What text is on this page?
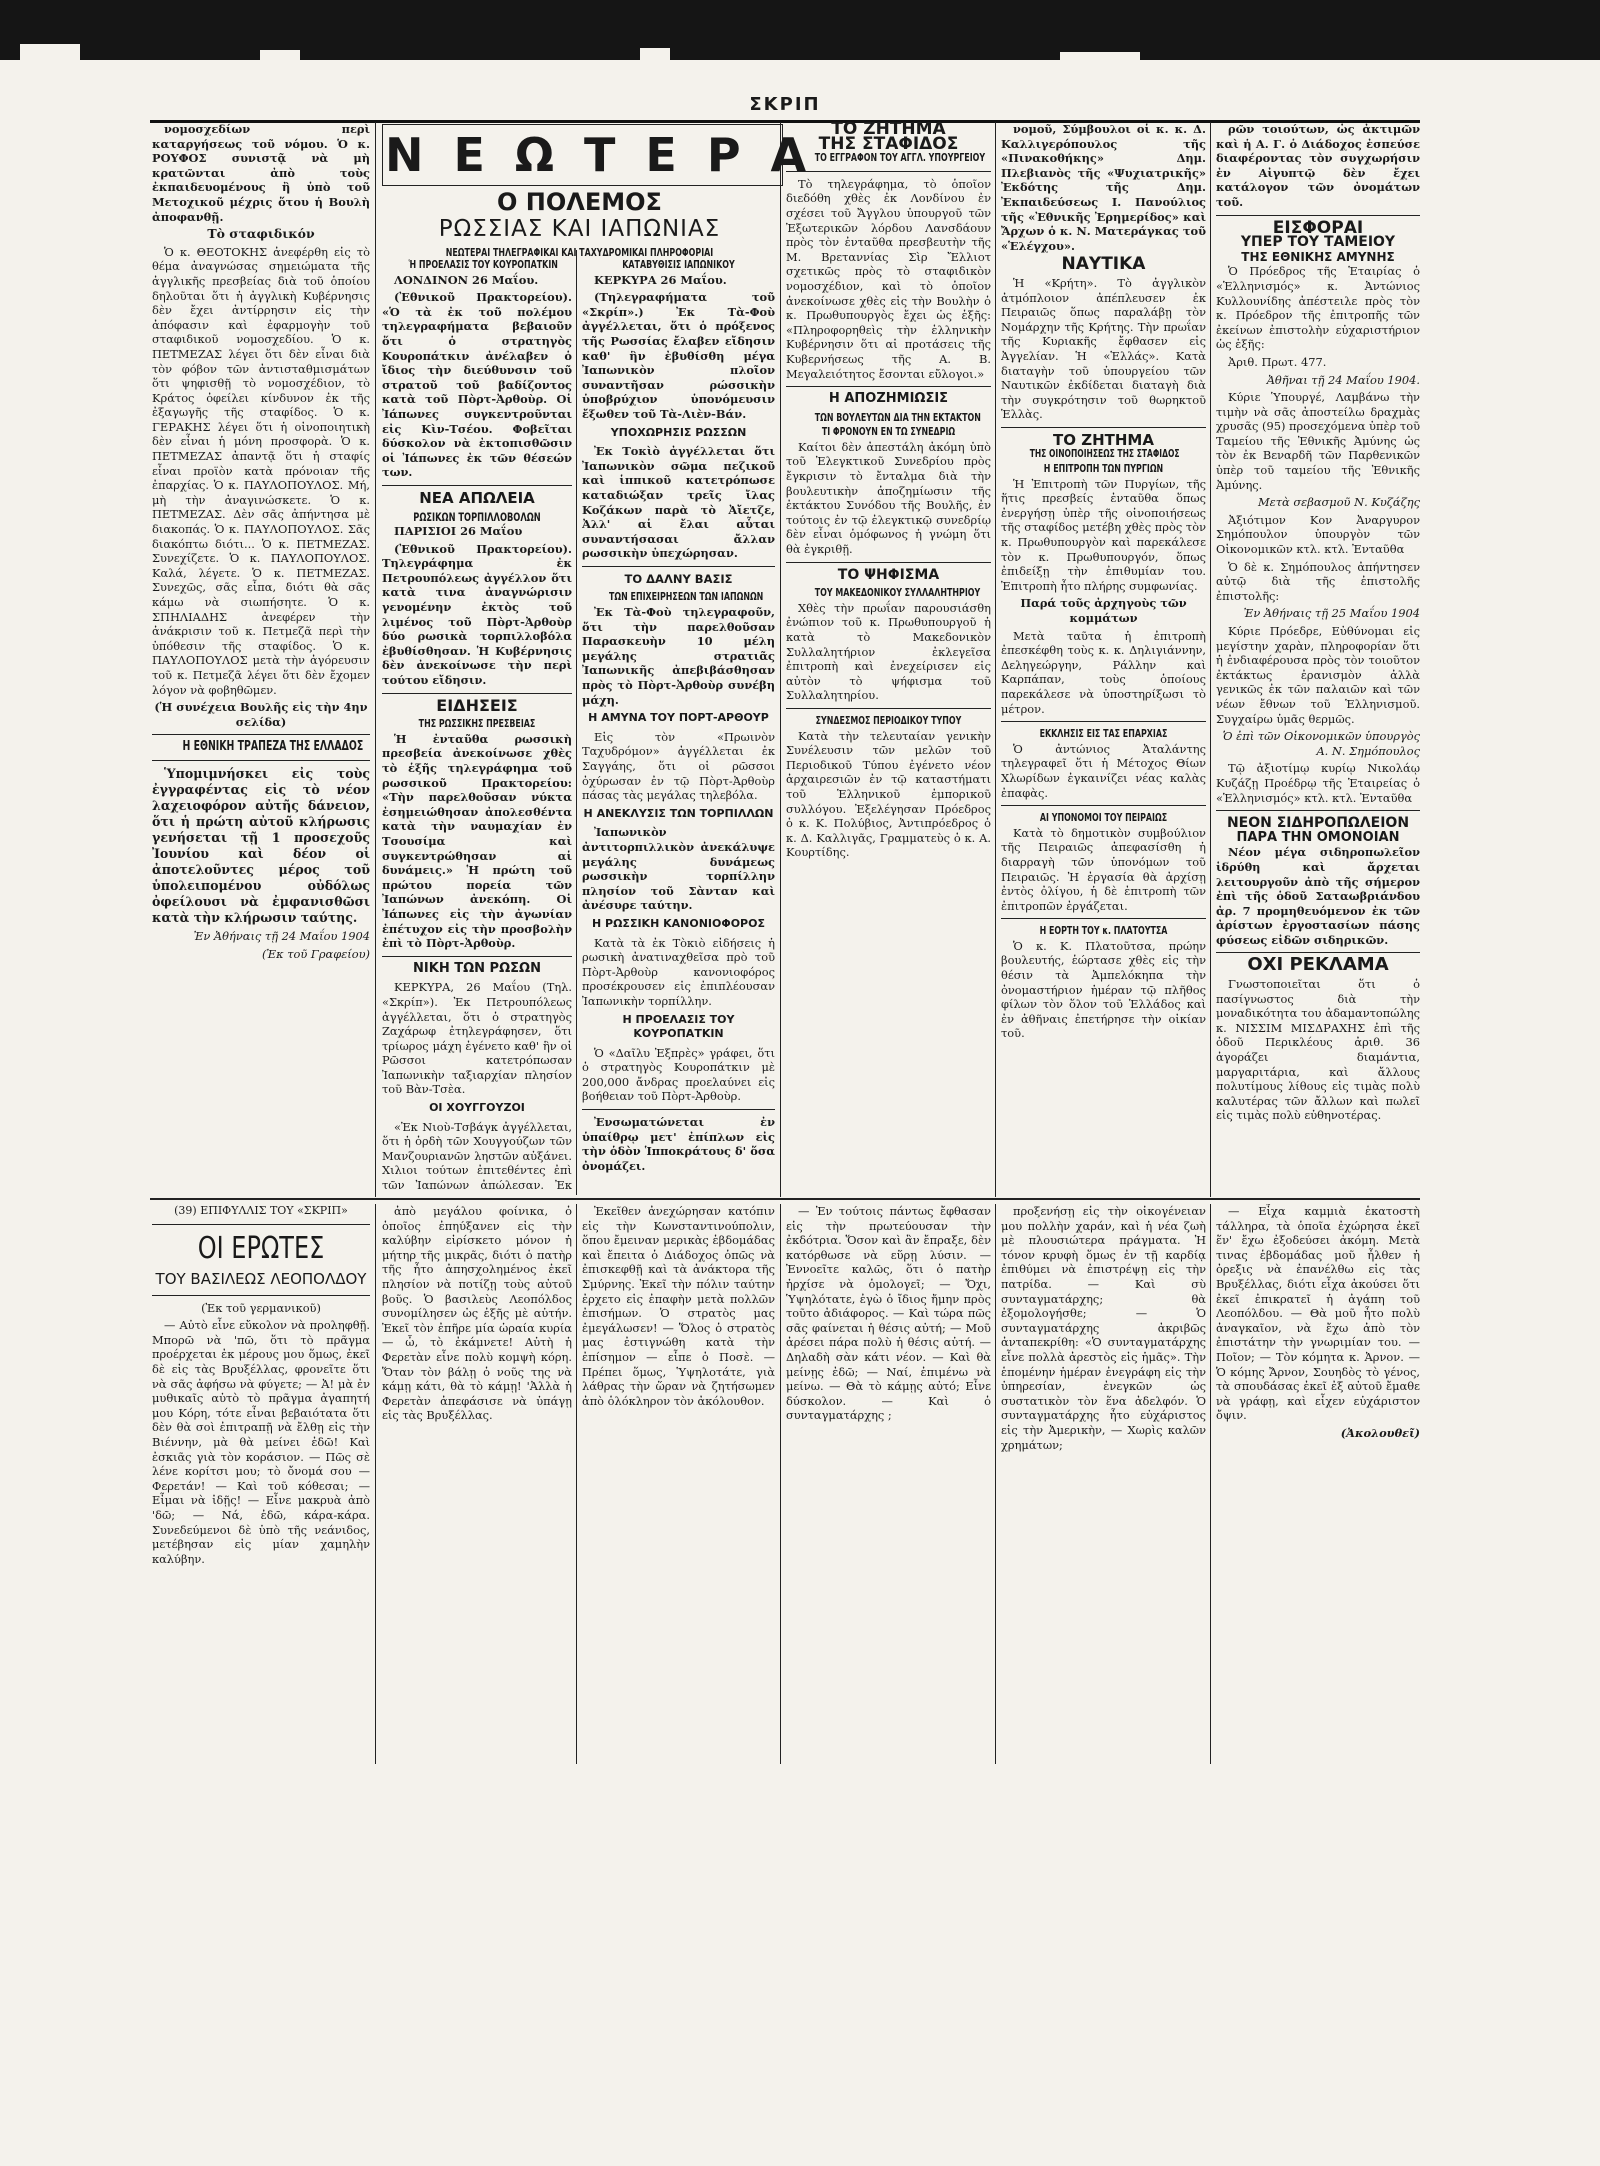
ΣΚΡΙΠ

νομοσχεδίων περὶ καταργήσεως τοῦ νόμου. Ὁ κ. ΡΟΥΦΟΣ συνιστᾷ νὰ μὴ κρατῶνται ἀπὸ τοὺς ἐκπαιδευομένους ἢ ὑπὸ τοῦ Μετοχικοῦ μέχρις ὅτου ἡ Βουλὴ ἀποφανθῇ.

Τὸ σταφιδικόν

Ὁ κ. ΘΕΟΤΟΚΗΣ ἀνεφέρθη εἰς τὸ θέμα ἀναγνώσας σημειώματα τῆς ἀγγλικῆς πρεσβείας διὰ τοῦ ὁποίου δηλοῦται ὅτι ἡ ἀγγλικὴ Κυβέρνησις δὲν ἔχει ἀντίρρησιν εἰς τὴν ἀπόφασιν καὶ ἐφαρμογὴν τοῦ σταφιδικοῦ νομοσχεδίου. Ὁ κ. ΠΕΤΜΕΖΑΣ λέγει ὅτι δὲν εἶναι διὰ τὸν φόβον τῶν ἀντισταθμισμάτων ὅτι ψηφισθῇ τὸ νομοσχέδιον, τὸ Κράτος ὀφείλει κίνδυνον ἐκ τῆς ἐξαγωγῆς τῆς σταφίδος. Ὁ κ. ΓΕΡΑΚΗΣ λέγει ὅτι ἡ οἰνοποιητικὴ δὲν εἶναι ἡ μόνη προσφορὰ. Ὁ κ. ΠΕΤΜΕΖΑΣ ἀπαντᾷ ὅτι ἡ σταφίς εἶναι προϊὸν κατὰ πρόνοιαν τῆς ἐπαρχίας. Ὁ κ. ΠΑΥΛΟΠΟΥΛΟΣ. Μή, μὴ τὴν ἀναγινώσκετε. Ὁ κ. ΠΕΤΜΕΖΑΣ. Δὲν σᾶς ἀπήντησα μὲ διακοπάς. Ὁ κ. ΠΑΥΛΟΠΟΥΛΟΣ. Σᾶς διακόπτω διότι... Ὁ κ. ΠΕΤΜΕΖΑΣ. Συνεχίζετε. Ὁ κ. ΠΑΥΛΟΠΟΥΛΟΣ. Καλά, λέγετε. Ὁ κ. ΠΕΤΜΕΖΑΣ. Συνεχῶς, σᾶς εἶπα, διότι θὰ σᾶς κάμω νὰ σιωπήσητε. Ὁ κ. ΣΠΗΛΙΑΔΗΣ ἀνεφέρεν τὴν ἀνάκρισιν τοῦ κ. Πετμεζᾶ περὶ τὴν ὑπόθεσιν τῆς σταφίδος. Ὁ κ. ΠΑΥΛΟΠΟΥΛΟΣ μετὰ τὴν ἀγόρευσιν τοῦ κ. Πετμεζᾶ λέγει ὅτι δὲν ἔχομεν λόγον νὰ φοβηθῶμεν.

(Ἡ συνέχεια Βουλῆς εἰς τὴν 4ην σελίδα)

Η ΕΘΝΙΚΗ ΤΡΑΠΕΖΑ ΤΗΣ ΕΛΛΑΔΟΣ

Ὑπομιμνήσκει εἰς τοὺς ἐγγραφέντας εἰς τὸ νέον λαχειοφόρον αὐτῆς δάνειον, ὅτι ἡ πρώτη αὐτοῦ κλήρωσις γενήσεται τῇ 1 προσεχοῦς Ἰουνίου καὶ δέον οἱ ἀποτελοῦντες μέρος τοῦ ὑπολειπομένου οὐδόλως ὀφείλουσι νὰ ἐμφανισθῶσι κατὰ τὴν κλήρωσιν ταύτης.

Ἐν Ἀθήναις τῇ 24 Μαΐου 1904

(Ἐκ τοῦ Γραφείου)

ΝΕΩΤΕΡΑ
Ο ΠΟΛΕΜΟΣ
ΡΩΣΣΙΑΣ ΚΑΙ ΙΑΠΩΝΙΑΣ
ΝΕΩΤΕΡΑΙ ΤΗΛΕΓΡΑΦΙΚΑΙ ΚΑΙ ΤΑΧΥΔΡΟΜΙΚΑΙ ΠΛΗΡΟΦΟΡΙΑΙ
Ἡ ΠΡΟΕΛΑΣΙΣ ΤΟΥ ΚΟΥΡΟΠΑΤΚΙΝ

ΛΟΝΔΙΝΟΝ 26 Μαΐου.

(Ἐθνικοῦ Πρακτορείου). «Ὁ τὰ ἐκ τοῦ πολέμου τηλεγραφήματα βεβαιοῦν ὅτι ὁ στρατηγὸς Κουροπάτκιν ἀνέλαβεν ὁ ἴδιος τὴν διεύθυνσιν τοῦ στρατοῦ τοῦ βαδίζοντος κατὰ τοῦ Πὸρτ-Ἀρθοὺρ. Οἱ Ἰάπωνες συγκεντροῦνται εἰς Κὶν-Τσέου. Φοβεῖται δύσκολον νὰ ἐκτοπισθῶσιν οἱ Ἰάπωνες ἐκ τῶν θέσεών των.

ΝΕΑ ΑΠΩΛΕΙΑ
ΡΩΣΙΚΩΝ ΤΟΡΠΙΛΛΟΒΟΛΩΝ

ΠΑΡΙΣΙΟΙ 26 Μαΐου

(Ἐθνικοῦ Πρακτορείου). Τηλεγράφημα ἐκ Πετρουπόλεως ἀγγέλλον ὅτι κατὰ τινα ἀναγνώρισιν γενομένην ἐκτὸς τοῦ λιμένος τοῦ Πὸρτ-Ἀρθοὺρ δύο ρωσικὰ τορπιλλοβόλα ἐβυθίσθησαν. Ἡ Κυβέρνησις δὲν ἀνεκοίνωσε τὴν περὶ τούτου εἴδησιν.

ΕΙΔΗΣΕΙΣ
ΤΗΣ ΡΩΣΣΙΚΗΣ ΠΡΕΣΒΕΙΑΣ

Ἡ ἐνταῦθα ρωσσικὴ πρεσβεία ἀνεκοίνωσε χθὲς τὸ ἑξῆς τηλεγράφημα τοῦ ρωσσικοῦ Πρακτορείου: «Τὴν παρελθοῦσαν νύκτα ἐσημειώθησαν ἀπολεσθέντα κατὰ τὴν ναυμαχίαν ἐν Τσουσίμα καὶ συγκεντρώθησαν αἱ δυνάμεις.» Ἡ πρώτη τοῦ πρώτου πορεία τῶν Ἰαπώνων ἀνεκόπη. Οἱ Ἰάπωνες εἰς τὴν ἀγωνίαν ἐπέτυχον εἰς τὴν προσβολὴν ἐπὶ τὸ Πὸρτ-Ἀρθοὺρ.

ΝΙΚΗ ΤΩΝ ΡΩΣΩΝ

ΚΕΡΚΥΡΑ, 26 Μαΐου (Τηλ. «Σκρίπ»). Ἐκ Πετρουπόλεως ἀγγέλλεται, ὅτι ὁ στρατηγὸς Ζαχάρωφ ἐτηλεγράφησεν, ὅτι τρίωρος μάχη ἐγένετο καθ' ἣν οἱ Ρῶσσοι κατετρόπωσαν Ἰαπωνικὴν ταξιαρχίαν πλησίον τοῦ Βὰν-Τσὲα.

ΟΙ ΧΟΥΓΓΟΥΖΟΙ

«Ἐκ Νιοὺ-Τσβάγκ ἀγγέλλεται, ὅτι ἡ ὁρδὴ τῶν Χουγγούζων τῶν Μανζουριανῶν ληστῶν αὐξάνει. Χιλιοι τούτων ἐπιτεθέντες ἐπὶ τῶν Ἰαπώνων ἀπώλεσαν. Ἐκ

ΚΑΤΑΒΥΘΙΣΙΣ ΙΑΠΩΝΙΚΟΥ

ΚΕΡΚΥΡΑ 26 Μαΐου.

(Τηλεγραφήματα τοῦ «Σκρίπ».) Ἐκ Τὰ-Φοὺ ἀγγέλλεται, ὅτι ὁ πρόξενος τῆς Ρωσσίας ἔλαβεν εἴδησιν καθ' ἣν ἐβυθίσθη μέγα Ἰαπωνικὸν πλοῖον συναντῆσαν ρώσσικὴν ὑποβρύχιον ὑπονόμευσιν ἔξωθεν τοῦ Τὰ-Λιὲν-Βάν.

ΥΠΟΧΩΡΗΣΙΣ ΡΩΣΣΩΝ

Ἐκ Τοκὶὸ ἀγγέλλεται ὅτι Ἰαπωνικὸν σῶμα πεζικοῦ καὶ ἱππικοῦ κατετρόπωσε καταδιώξαν τρεῖς ἴλας Κοζάκων παρὰ τὸ Ἀἴετζε, Ἀλλ' αἱ ἔλαι αὗται συναντήσασαι ἄλλαν ρωσσικὴν ὑπεχώρησαν.

ΤΟ ΔΑΛΝΥ ΒΑΣΙΣ
ΤΩΝ ΕΠΙΧΕΙΡΗΣΕΩΝ ΤΩΝ ΙΑΠΩΝΩΝ

Ἐκ Τὰ-Φοὺ τηλεγραφοῦν, ὅτι τὴν παρελθοῦσαν Παρασκευὴν 10 μέλη μεγάλης στρατιᾶς Ἰαπωνικῆς ἀπεβιβάσθησαν πρὸς τὸ Πὸρτ-Ἀρθοὺρ συνέβη μάχη.

Η ΑΜΥΝΑ ΤΟΥ ΠΟΡΤ-ΑΡΘΟΥΡ

Εἰς τὸν «Πρωινὸν Ταχυδρόμον» ἀγγέλλεται ἐκ Σαγγάης, ὅτι οἱ ρῶσσοι ὀχύρωσαν ἐν τῷ Πὸρτ-Ἀρθοὺρ πάσας τὰς μεγάλας τηλεβόλα.

Η ΑΝΕΚΛΥΣΙΣ ΤΩΝ ΤΟΡΠΙΛΛΩΝ

Ἰαπωνικὸν ἀντιτορπιλλικὸν ἀνεκάλυψε μεγάλης δυνάμεως ρωσσικὴν τορπίλλην πλησίον τοῦ Σὰνταν καὶ ἀνέσυρε ταύτην.

Η ΡΩΣΣΙΚΗ ΚΑΝΟΝΙΟΦΟΡΟΣ

Κατὰ τὰ ἐκ Τὸκιὸ εἰδήσεις ἡ ρωσικὴ ἀνατιναχθεῖσα πρὸ τοῦ Πὸρτ-Ἀρθοὺρ κανονιοφόρος προσέκρουσεν εἰς ἐπιπλέουσαν Ἰαπωνικὴν τορπίλλην.

Η ΠΡΟΕΛΑΣΙΣ ΤΟΥ ΚΟΥΡΟΠΑΤΚΙΝ

Ὁ «Δαῖλυ Ἐξπρὲς» γράφει, ὅτι ὁ στρατηγὸς Κουροπάτκιν μὲ 200,000 ἄνδρας προελαύνει εἰς βοήθειαν τοῦ Πὸρτ-Ἀρθοὺρ.

Ἐνσωματώνεται ἐν ὑπαίθρῳ μετ' ἐπίπλων εἰς τὴν ὁδὸν Ἱπποκράτους δ' ὅσα ὀνομάζει.

ΤΟ ΖΗΤΗΜΑ
ΤΗΣ ΣΤΑΦΙΔΟΣ
ΤΟ ΕΓΓΡΑΦΟΝ ΤΟΥ ΑΓΓΛ. ΥΠΟΥΡΓΕΙΟΥ

Τὸ τηλεγράφημα, τὸ ὁποῖον διεδόθη χθὲς ἐκ Λονδίνου ἐν σχέσει τοῦ Ἄγγλου ὑπουργοῦ τῶν Ἐξωτερικῶν λόρδου Λανσδάουν πρὸς τὸν ἐνταῦθα πρεσβευτὴν τῆς Μ. Βρεταννίας Σὶρ Ἔλλιοτ σχετικῶς πρὸς τὸ σταφιδικὸν νομοσχέδιον, καὶ τὸ ὁποῖον ἀνεκοίνωσε χθὲς εἰς τὴν Βουλὴν ὁ κ. Πρωθυπουργὸς ἔχει ὡς ἑξῆς: «Πληροφορηθεὶς τὴν ἑλληνικὴν Κυβέρνησιν ὅτι αἱ προτάσεις τῆς Κυβερνήσεως τῆς Α. Β. Μεγαλειότητος ἔσονται εὔλογοι.»

Η ΑΠΟΖΗΜΙΩΣΙΣ
ΤΩΝ ΒΟΥΛΕΥΤΩΝ ΔΙΑ ΤΗΝ ΕΚΤΑΚΤΟΝ
ΤΙ ΦΡΟΝΟΥΝ ΕΝ ΤΩ ΣΥΝΕΔΡΙΩ

Καίτοι δὲν ἀπεστάλη ἀκόμη ὑπὸ τοῦ Ἐλεγκτικοῦ Συνεδρίου πρὸς ἔγκρισιν τὸ ἔνταλμα διὰ τὴν βουλευτικὴν ἀποζημίωσιν τῆς ἐκτάκτου Συνόδου τῆς Βουλῆς, ἐν τούτοις ἐν τῷ ἐλεγκτικῷ συνεδρίῳ δὲν εἶναι ὁμόφωνος ἡ γνώμη ὅτι θὰ ἐγκριθῇ.

ΤΟ ΨΗΦΙΣΜΑ
ΤΟΥ ΜΑΚΕΔΟΝΙΚΟΥ ΣΥΛΛΑΛΗΤΗΡΙΟΥ

Χθὲς τὴν πρωΐαν παρουσιάσθη ἐνώπιον τοῦ κ. Πρωθυπουργοῦ ἡ κατὰ τὸ Μακεδονικὸν Συλλαλητήριον ἐκλεγεῖσα ἐπιτροπὴ καὶ ἐνεχείρισεν εἰς αὐτὸν τὸ ψήφισμα τοῦ Συλλαλητηρίου.

ΣΥΝΔΕΣΜΟΣ ΠΕΡΙΟΔΙΚΟΥ ΤΥΠΟΥ

Κατὰ τὴν τελευταίαν γενικὴν Συνέλευσιν τῶν μελῶν τοῦ Περιοδικοῦ Τύπου ἐγένετο νέον ἀρχαιρεσιῶν ἐν τῷ καταστήματι τοῦ Ἑλληνικοῦ ἐμπορικοῦ συλλόγου. Ἐξελέγησαν Πρόεδρος ὁ κ. Κ. Πολύβιος, Ἀντιπρόεδρος ὁ κ. Δ. Καλλιγᾶς, Γραμματεὺς ὁ κ. Α. Κουρτίδης.

νομοῦ, Σύμβουλοι οἱ κ. κ. Δ. Καλλιγερόπουλος τῆς «Πινακοθήκης» Δημ. Πλεβιανὸς τῆς «Ψυχιατρικῆς» Ἐκδότης τῆς Δημ. Ἐκπαιδεύσεως Ι. Πανούλιος τῆς «Ἐθνικῆς Ἐρημερίδος» καὶ Ἄρχων ὁ κ. Ν. Ματεράγκας τοῦ «Ἑλέγχου».

ΝΑΥΤΙΚΑ

Ἡ «Κρήτη». Τὸ ἀγγλικὸν ἀτμόπλοιον ἀπέπλευσεν ἐκ Πειραιῶς ὅπως παραλάβῃ τὸν Νομάρχην τῆς Κρήτης. Τὴν πρωΐαν τῆς Κυριακῆς ἔφθασεν εἰς Ἀγγελίαν. Ἡ «Ἑλλάς». Κατὰ διαταγὴν τοῦ ὑπουργείου τῶν Ναυτικῶν ἐκδίδεται διαταγὴ διὰ τὴν συγκρότησιν τοῦ θωρηκτοῦ Ἑλλὰς.

ΤΟ ΖΗΤΗΜΑ
ΤΗΣ ΟΙΝΟΠΟΙΗΣΕΩΣ ΤΗΣ ΣΤΑΦΙΔΟΣ
Η ΕΠΙΤΡΟΠΗ ΤΩΝ ΠΥΡΓΙΩΝ

Ἡ Ἐπιτροπὴ τῶν Πυργίων, τῆς ἥτις πρεσβείς ἐνταῦθα ὅπως ἐνεργήσῃ ὑπὲρ τῆς οἰνοποιήσεως τῆς σταφίδος μετέβη χθὲς πρὸς τὸν κ. Πρωθυπουργὸν καὶ παρεκάλεσε τὸν κ. Πρωθυπουργόν, ὅπως ἐπιδείξῃ τὴν ἐπιθυμίαν του. Ἐπιτροπὴ ἦτο πλήρης συμφωνίας.

Παρά τοῦς ἀρχηγοὺς τῶν κομμάτων

Μετὰ ταῦτα ἡ ἐπιτροπὴ ἐπεσκέφθη τοὺς κ. κ. Δηλιγιάννην, Δεληγεώργην, Ράλλην καὶ Καρπάπαν, τοὺς ὁποίους παρεκάλεσε νὰ ὑποστηρίξωσι τὸ μέτρον.

ΕΚΚΛΗΣΙΣ ΕΙΣ ΤΑΣ ΕΠΑΡΧΙΑΣ

Ὁ ἀντώνιος Ἀταλάντης τηλεγραφεῖ ὅτι ἡ Μέτοχος Θίων Χλωρίδων ἐγκαινίζει νέας καλὰς ἐπαφὰς.

ΑΙ ΥΠΟΝΟΜΟΙ ΤΟΥ ΠΕΙΡΑΙΩΣ

Κατὰ τὸ δημοτικὸν συμβούλιον τῆς Πειραιῶς ἀπεφασίσθη ἡ διαρραγὴ τῶν ὑπονόμων τοῦ Πειραιῶς. Ἡ ἐργασία θὰ ἀρχίσῃ ἐντὸς ὀλίγου, ἡ δὲ ἐπιτροπὴ τῶν ἐπιτροπῶν ἐργάζεται.

Η ΕΟΡΤΗ ΤΟΥ κ. ΠΛΑΤΟΥΤΣΑ

Ὁ κ. Κ. Πλατοῦτσα, πρώην βουλευτής, ἑώρτασε χθὲς εἰς τὴν θέσιν τὰ Ἀμπελόκηπα τὴν ὀνομαστήριον ἡμέραν τῷ πλῆθος φίλων τὸν ὅλον τοῦ Ἑλλάδος καὶ ἐν ἀθῆναις ἐπετήρησε τὴν οἰκίαν τοῦ.

ρῶν τοιούτων, ὡς ἀκτιμῶν καὶ ἡ Α. Γ. ὁ Διάδοχος ἐσπεύσε διαφέροντας τὸν συγχωρήσιν ἐν Αἰγυπτῷ δὲν ἔχει κατάλογον τῶν ὀνομάτων τοῦ.

ΕΙΣΦΟΡΑΙ
ΥΠΕΡ ΤΟΥ ΤΑΜΕΙΟΥ
ΤΗΣ ΕΘΝΙΚΗΣ ΑΜΥΝΗΣ

Ὁ Πρόεδρος τῆς Ἑταιρίας ὁ «Ἑλληνισμός» κ. Ἀντώνιος Κυλλουνίδης ἀπέστειλε πρὸς τὸν κ. Πρόεδρον τῆς ἐπιτροπῆς τῶν ἐκείνων ἐπιστολὴν εὐχαριστήριον ὡς ἑξῆς:

Ἀριθ. Πρωτ. 477.

Ἀθῆναι τῇ 24 Μαΐου 1904.

Κύριε Ὑπουργέ, Λαμβάνω τὴν τιμὴν νὰ σᾶς ἀποστείλω δραχμὰς χρυσᾶς (95) προσεχόμενα ὑπὲρ τοῦ Ταμείου τῆς Ἐθνικῆς Ἀμύνης ὡς τὸν ἐκ Βεναρδῆ τῶν Παρθενικῶν ὑπὲρ τοῦ ταμείου τῆς Ἐθνικῆς Ἀμύνης.

Μετὰ σεβασμοῦ Ν. Κυζάζης

Ἀξιότιμον Κον Ἀναργυρον Σημόπουλον ὑπουργὸν τῶν Οἰκονομικῶν κτλ. κτλ. Ἐνταῦθα

Ὁ δὲ κ. Σημόπουλος ἀπήντησεν αὐτῷ διὰ τῆς ἐπιστολῆς ἐπιστολῆς:

Ἐν Ἀθήναις τῇ 25 Μαΐου 1904

Κύριε Πρόεδρε, Εὐθύνομαι εἰς μεγίστην χαρὰν, πληροφορίαν ὅτι ἡ ἐνδιαφέρουσα πρὸς τὸν τοιοῦτον ἐκτάκτως ἐρανισμὸν ἀλλὰ γενικῶς ἐκ τῶν παλαιῶν καὶ τῶν νέων ἔθνων τοῦ Ἑλληνισμοῦ. Συγχαίρω ὑμᾶς θερμῶς.

Ὁ ἐπὶ τῶν Οἰκονομικῶν ὑπουργὸς Α. Ν. Σημόπουλος

Τῷ ἀξιοτίμῳ κυρίῳ Νικολάῳ Κυζάζῃ Προέδρῳ τῆς Ἑταιρείας ὁ «Ἑλληνισμός» κτλ. κτλ. Ἐνταῦθα

ΝΕΟΝ ΣΙΔΗΡΟΠΩΛΕΙΟΝ
ΠΑΡΑ ΤΗΝ ΟΜΟΝΟΙΑΝ

Νέον μέγα σιδηροπωλεῖον ἱδρύθη καὶ ἄρχεται λειτουργοῦν ἀπὸ τῆς σήμερον ἐπὶ τῆς ὁδοῦ Σαταωβριάνδου ἀρ. 7 προμηθευόμενον ἐκ τῶν ἀρίστων ἐργοστασίων πάσης φύσεως εἰδῶν σιδηρικῶν.

ΟΧΙ ΡΕΚΛΑΜΑ

Γνωστοποιεῖται ὅτι ὁ πασίγνωστος διὰ τὴν μοναδικότητα του ἀδαμαντοπώλης κ. ΝΙΣΣΙΜ ΜΙΣΔΡΑΧΗΣ ἐπὶ τῆς ὁδοῦ Περικλέους ἀριθ. 36 ἀγοράζει διαμάντια, μαργαριτάρια, καὶ ἄλλους πολυτίμους λίθους εἰς τιμὰς πολὺ καλυτέρας τῶν ἄλλων καὶ πωλεῖ εἰς τιμὰς πολὺ εὐθηνοτέρας.

(39) ΕΠΙΦΥΛΛΙΣ ΤΟΥ «ΣΚΡΙΠ»

ΟΙ ΕΡΩΤΕΣ
ΤΟΥ ΒΑΣΙΛΕΩΣ ΛΕΟΠΟΛΔΟΥ

(Ἐκ τοῦ γερμανικοῦ)

— Αὐτὸ εἶνε εὔκολον νὰ προληφθῇ. Μπορῶ νὰ 'πῶ, ὅτι τὸ πρᾶγμα προέρχεται ἐκ μέρους μου ὅμως, ἐκεῖ δὲ εἰς τὰς Βρυξέλλας, φρονεῖτε ὅτι νὰ σᾶς ἀφήσω νὰ φύγετε; — Ἀ! μὰ ἐν μυθικαῖς αὐτὸ τὸ πρᾶγμα ἀγαπητή μου Κόρη, τότε εἶναι βεβαιότατα ὅτι δὲν θὰ σοὶ ἐπιτραπῇ νὰ ἔλθῃ εἰς τὴν Βιέννην, μὰ θὰ μείνει ἐδῶ! Καὶ ἐσκιᾶς γιὰ τὸν κοράσιον. — Πῶς σὲ λένε κορίτσι μου; τὸ ὄνομά σου — Φερετάν! — Καὶ τοῦ κόθεσαι; — Εἶμαι νὰ ἰδῇς! — Εἶνε μακρυὰ ἀπὸ 'δῶ; — Νά, ἐδῶ, κάρα-κάρα. Συνεδεύμενοι δὲ ὑπὸ τῆς νεάνιδος, μετέβησαν εἰς μίαν χαμηλὴν καλύβην.

ἀπὸ μεγάλου φοίνικα, ὁ ὁποῖος ἐπηύξανεν εἰς τὴν καλύβην εἰρίσκετο μόνον ἡ μήτηρ τῆς μικρᾶς, διότι ὁ πατὴρ τῆς ἦτο ἀπησχολημένος ἐκεῖ πλησίον νὰ ποτίζῃ τοὺς αὐτοῦ βοῦς. Ὁ βασιλεὺς Λεοπόλδος συνομίλησεν ὡς ἐξῆς μὲ αὐτήν. Ἐκεῖ τὸν ἐπῆρε μία ὡραία κυρία — ὦ, τὸ ἐκάμνετε! Αὐτὴ ἡ Φερετὰν εἶνε πολὺ κομψὴ κόρη. Ὅταν τὸν βάλῃ ὁ νοῦς της νὰ κάμῃ κάτι, θὰ τὸ κάμῃ! 'Ἀλλὰ ἡ Φερετὰν ἀπεφάσισε νὰ ὑπάγῃ εἰς τὰς Βρυξέλλας.

Ἐκεῖθεν ἀνεχώρησαν κατόπιν εἰς τὴν Κωνσταντινούπολιν, ὅπου ἔμειναν μερικὰς ἑβδομάδας καὶ ἔπειτα ὁ Διάδοχος ὁπῶς νὰ ἐπισκεφθῇ καὶ τὰ ἀνάκτορα τῆς Σμύρνης. Ἐκεῖ τὴν πόλιν ταύτην ἐρχετο εἰς ἐπαφὴν μετὰ πολλῶν ἐπισήμων. Ὁ στρατὸς μας ἐμεγάλωσεν! — Ὅλος ὁ στρατὸς μας ἐστιγνώθη κατὰ τὴν ἐπίσημον — εἶπε ὁ Ποσὲ. — Πρέπει ὅμως, Ὑψηλοτάτε, γιὰ λάθρας τὴν ὥραν νὰ ζητήσωμεν ἀπὸ ὁλόκληρον τὸν ἀκόλουθον.

— Ἐν τούτοις πάντως ἔφθασαν εἰς τὴν πρωτεύουσαν τὴν ἐκδότρια. Ὅσον καὶ ἂν ἔπραξε, δὲν κατόρθωσε νὰ εὕρῃ λύσιν. — Ἐννοεῖτε καλῶς, ὅτι ὁ πατὴρ ἠρχίσε νὰ ὁμολογεῖ; — Ὄχι, Ὑψηλότατε, ἐγὼ ὁ ἴδιος ἤμην πρὸς τοῦτο ἀδιάφορος. — Καὶ τώρα πῶς σᾶς φαίνεται ἡ θέσις αὐτή; — Μοῦ ἀρέσει πάρα πολὺ ἡ θέσις αὐτή. — Δηλαδὴ σὰν κάτι νέον. — Καὶ θὰ μείνῃς ἐδῶ; — Ναί, ἐπιμένω νὰ μείνω. — Θὰ τὸ κάμῃς αὐτό; Εἶνε δύσκολον. — Καὶ ὁ συνταγματάρχης ;

προξενήσῃ εἰς τὴν οἰκογένειαν μου πολλὴν χαράν, καὶ ἡ νέα ζωὴ μὲ πλουσιώτερα πράγματα. Ἡ τόνον κρυφὴ ὅμως ἐν τῇ καρδίᾳ ἐπιθύμει νὰ ἐπιστρέψῃ εἰς τὴν πατρίδα. — Καὶ σὺ συνταγματάρχης; θὰ ἐξομολογήσθε; — Ὁ συνταγματάρχης ἀκριβῶς ἀνταπεκρίθη: «Ὁ συνταγματάρχης εἶνε πολλὰ ἀρεστὸς εἰς ἡμᾶς». Τὴν ἑπομένην ἡμέραν ἐνεγράφη εἰς τὴν ὑπηρεσίαν, ἐνεγκῶν ὡς συστατικὸν τὸν ἕνα ἀδελφόν. Ὁ συνταγματάρχης ἦτο εὐχάριστος εἰς τὴν Ἀμερικὴν, — Χωρὶς καλῶν χρημάτων;

— Εἶχα καμμιὰ ἑκατοστὴ τάλληρα, τὰ ὁποῖα ἐχώρησα ἐκεῖ ἕν' ἔχω ἐξοδεύσει ἀκόμη. Μετὰ τινας ἑβδομάδας μοῦ ἦλθεν ἡ ὀρεξις νὰ ἐπανέλθω εἰς τὰς Βρυξέλλας, διότι εἶχα ἀκούσει ὅτι ἐκεῖ ἐπικρατεῖ ἡ ἀγάπη τοῦ Λεοπόλδου. — Θὰ μοῦ ἦτο πολὺ ἀναγκαῖον, νὰ ἔχω ἀπὸ τὸν ἐπιστάτην τὴν γνωριμίαν του. — Ποῖον; — Τὸν κόμητα κ. Ἀρνον. — Ὁ κόμης Ἄρνον, Σουηδὸς τὸ γένος, τὰ σπουδάσας ἐκεῖ ἐξ αὐτοῦ ἔμαθε νὰ γράφῃ, καὶ εἶχεν εὐχάριστον ὄψιν.

(Ἀκολουθεῖ)
